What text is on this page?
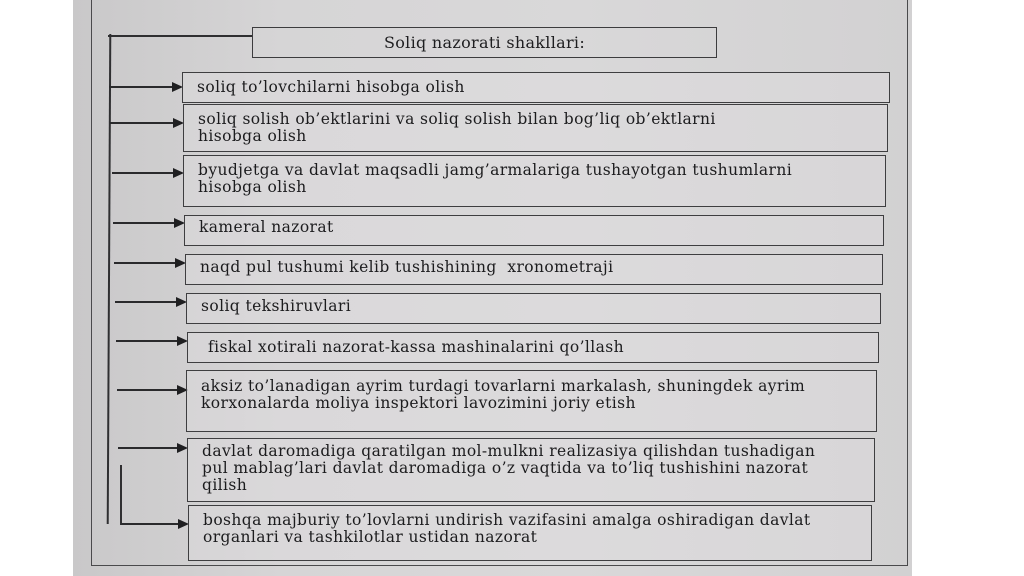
Soliq nazorati shakllari:
soliq to’lovchilarni hisobga olish
soliq solish ob’ektlarini va soliq solish bilan bog’liq ob’ektlarni hisobga olish
byudjetga va davlat maqsadli jamg’armalariga tushayotgan tushumlarni hisobga olish
kameral nazorat
naqd pul tushumi kelib tushishining  xronometraji
soliq tekshiruvlari
fiskal xotirali nazorat-kassa mashinalarini qo’llash
aksiz to’lanadigan ayrim turdagi tovarlarni markalash, shuningdek ayrim korxonalarda moliya inspektori lavozimini joriy etish
davlat daromadiga qaratilgan mol-mulkni realizasiya qilishdan tushadigan pul mablag’lari davlat daromadiga o’z vaqtida va to’liq tushishini nazorat qilish
boshqa majburiy to’lovlarni undirish vazifasini amalga oshiradigan davlat organlari va tashkilotlar ustidan nazorat
